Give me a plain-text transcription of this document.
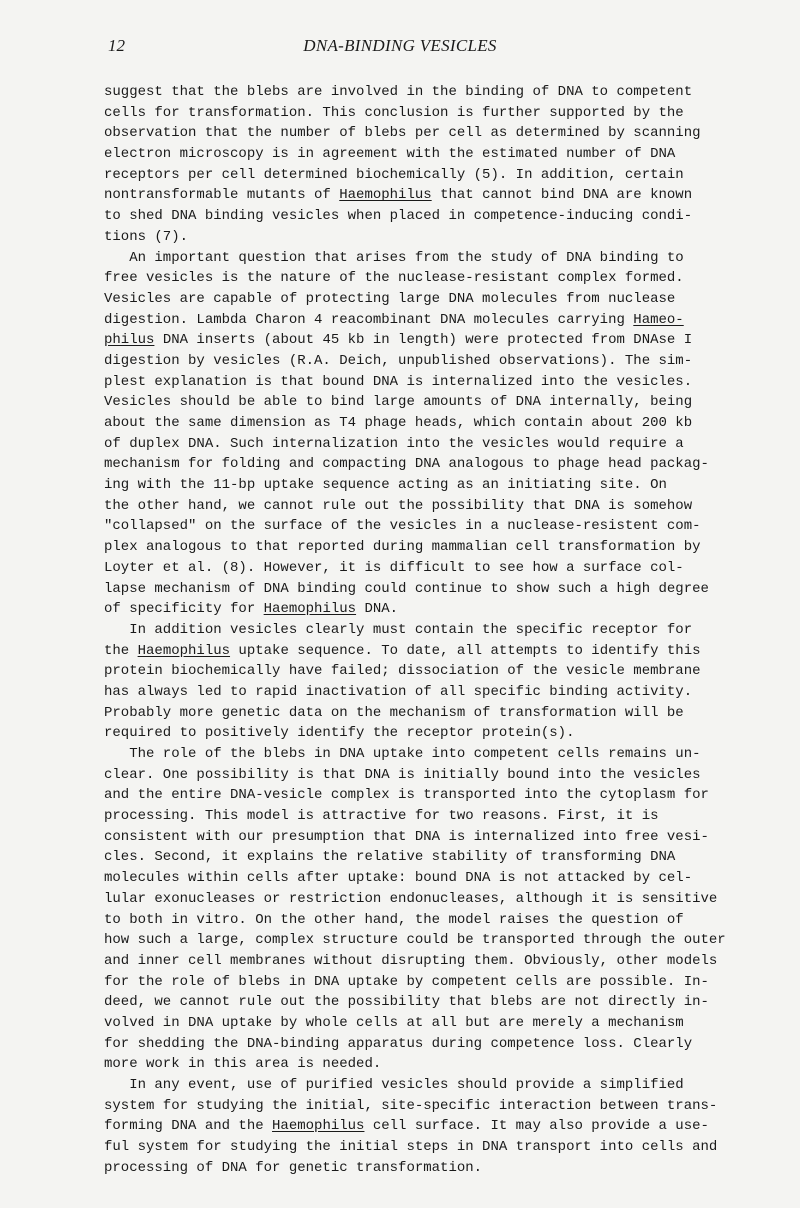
12	DNA-BINDING VESICLES
suggest that the blebs are involved in the binding of DNA to competent
cells for transformation. This conclusion is further supported by the
observation that the number of blebs per cell as determined by scanning
electron microscopy is in agreement with the estimated number of DNA
receptors per cell determined biochemically (5). In addition, certain
nontransformable mutants of Haemophilus that cannot bind DNA are known
to shed DNA binding vesicles when placed in competence-inducing condi-
tions (7).
An important question that arises from the study of DNA binding to
free vesicles is the nature of the nuclease-resistant complex formed.
Vesicles are capable of protecting large DNA molecules from nuclease
digestion. Lambda Charon 4 reacombinant DNA molecules carrying Hameo-
philus DNA inserts (about 45 kb in length) were protected from DNAse I
digestion by vesicles (R.A. Deich, unpublished observations). The sim-
plest explanation is that bound DNA is internalized into the vesicles.
Vesicles should be able to bind large amounts of DNA internally, being
about the same dimension as T4 phage heads, which contain about 200 kb
of duplex DNA. Such internalization into the vesicles would require a
mechanism for folding and compacting DNA analogous to phage head packag-
ing with the 11-bp uptake sequence acting as an initiating site. On
the other hand, we cannot rule out the possibility that DNA is somehow
"collapsed" on the surface of the vesicles in a nuclease-resistent com-
plex analogous to that reported during mammalian cell transformation by
Loyter et al. (8). However, it is difficult to see how a surface col-
lapse mechanism of DNA binding could continue to show such a high degree
of specificity for Haemophilus DNA.
In addition vesicles clearly must contain the specific receptor for
the Haemophilus uptake sequence. To date, all attempts to identify this
protein biochemically have failed; dissociation of the vesicle membrane
has always led to rapid inactivation of all specific binding activity.
Probably more genetic data on the mechanism of transformation will be
required to positively identify the receptor protein(s).
The role of the blebs in DNA uptake into competent cells remains un-
clear. One possibility is that DNA is initially bound into the vesicles
and the entire DNA-vesicle complex is transported into the cytoplasm for
processing. This model is attractive for two reasons. First, it is
consistent with our presumption that DNA is internalized into free vesi-
cles. Second, it explains the relative stability of transforming DNA
molecules within cells after uptake: bound DNA is not attacked by cel-
lular exonucleases or restriction endonucleases, although it is sensitive
to both in vitro. On the other hand, the model raises the question of
how such a large, complex structure could be transported through the outer
and inner cell membranes without disrupting them. Obviously, other models
for the role of blebs in DNA uptake by competent cells are possible. In-
deed, we cannot rule out the possibility that blebs are not directly in-
volved in DNA uptake by whole cells at all but are merely a mechanism
for shedding the DNA-binding apparatus during competence loss. Clearly
more work in this area is needed.
In any event, use of purified vesicles should provide a simplified
system for studying the initial, site-specific interaction between trans-
forming DNA and the Haemophilus cell surface. It may also provide a use-
ful system for studying the initial steps in DNA transport into cells and
processing of DNA for genetic transformation.
